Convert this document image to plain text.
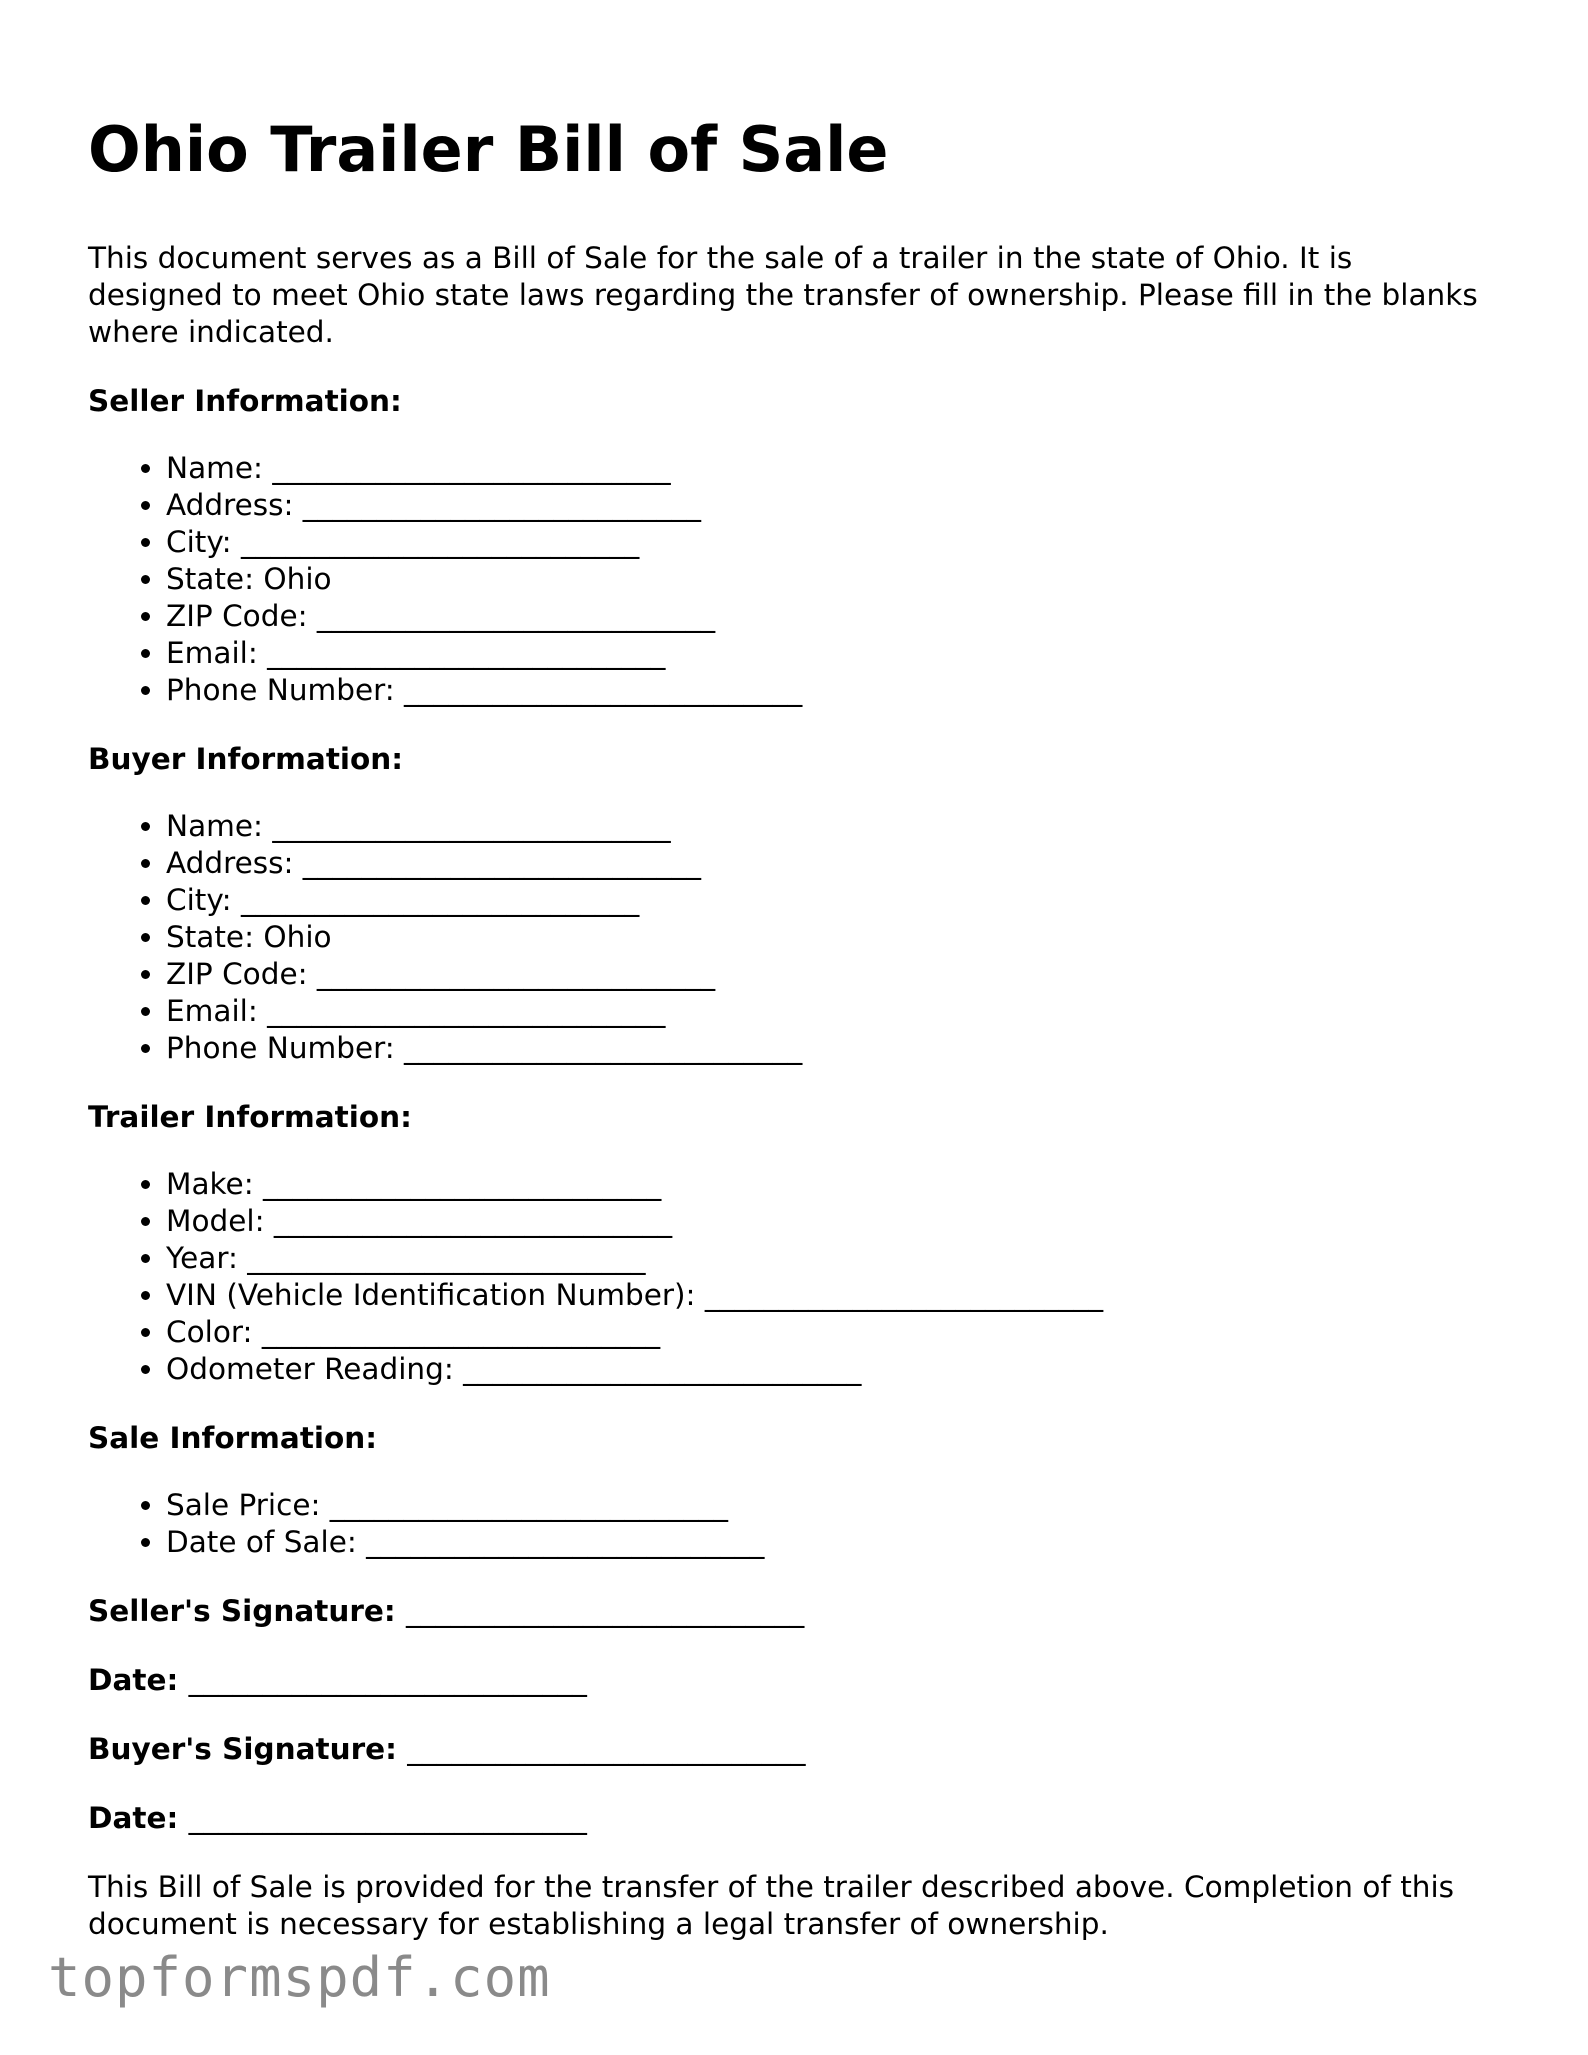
Ohio Trailer Bill of Sale

This document serves as a Bill of Sale for the sale of a trailer in the state of Ohio. It is designed to meet Ohio state laws regarding the transfer of ownership. Please fill in the blanks where indicated.

Seller Information:
• Name: ___________________________
• Address: ___________________________
• City: ___________________________
• State: Ohio
• ZIP Code: ___________________________
• Email: ___________________________
• Phone Number: ___________________________
Buyer Information:
• Name: ___________________________
• Address: ___________________________
• City: ___________________________
• State: Ohio
• ZIP Code: ___________________________
• Email: ___________________________
• Phone Number: ___________________________
Trailer Information:
• Make: ___________________________
• Model: ___________________________
• Year: ___________________________
• VIN (Vehicle Identification Number): ___________________________
• Color: ___________________________
• Odometer Reading: ___________________________
Sale Information:
• Sale Price: ___________________________
• Date of Sale: ___________________________
Seller's Signature: ___________________________
Date: ___________________________
Buyer's Signature: ___________________________
Date: ___________________________

This Bill of Sale is provided for the transfer of the trailer described above. Completion of this document is necessary for establishing a legal transfer of ownership.

topformspdf.com
